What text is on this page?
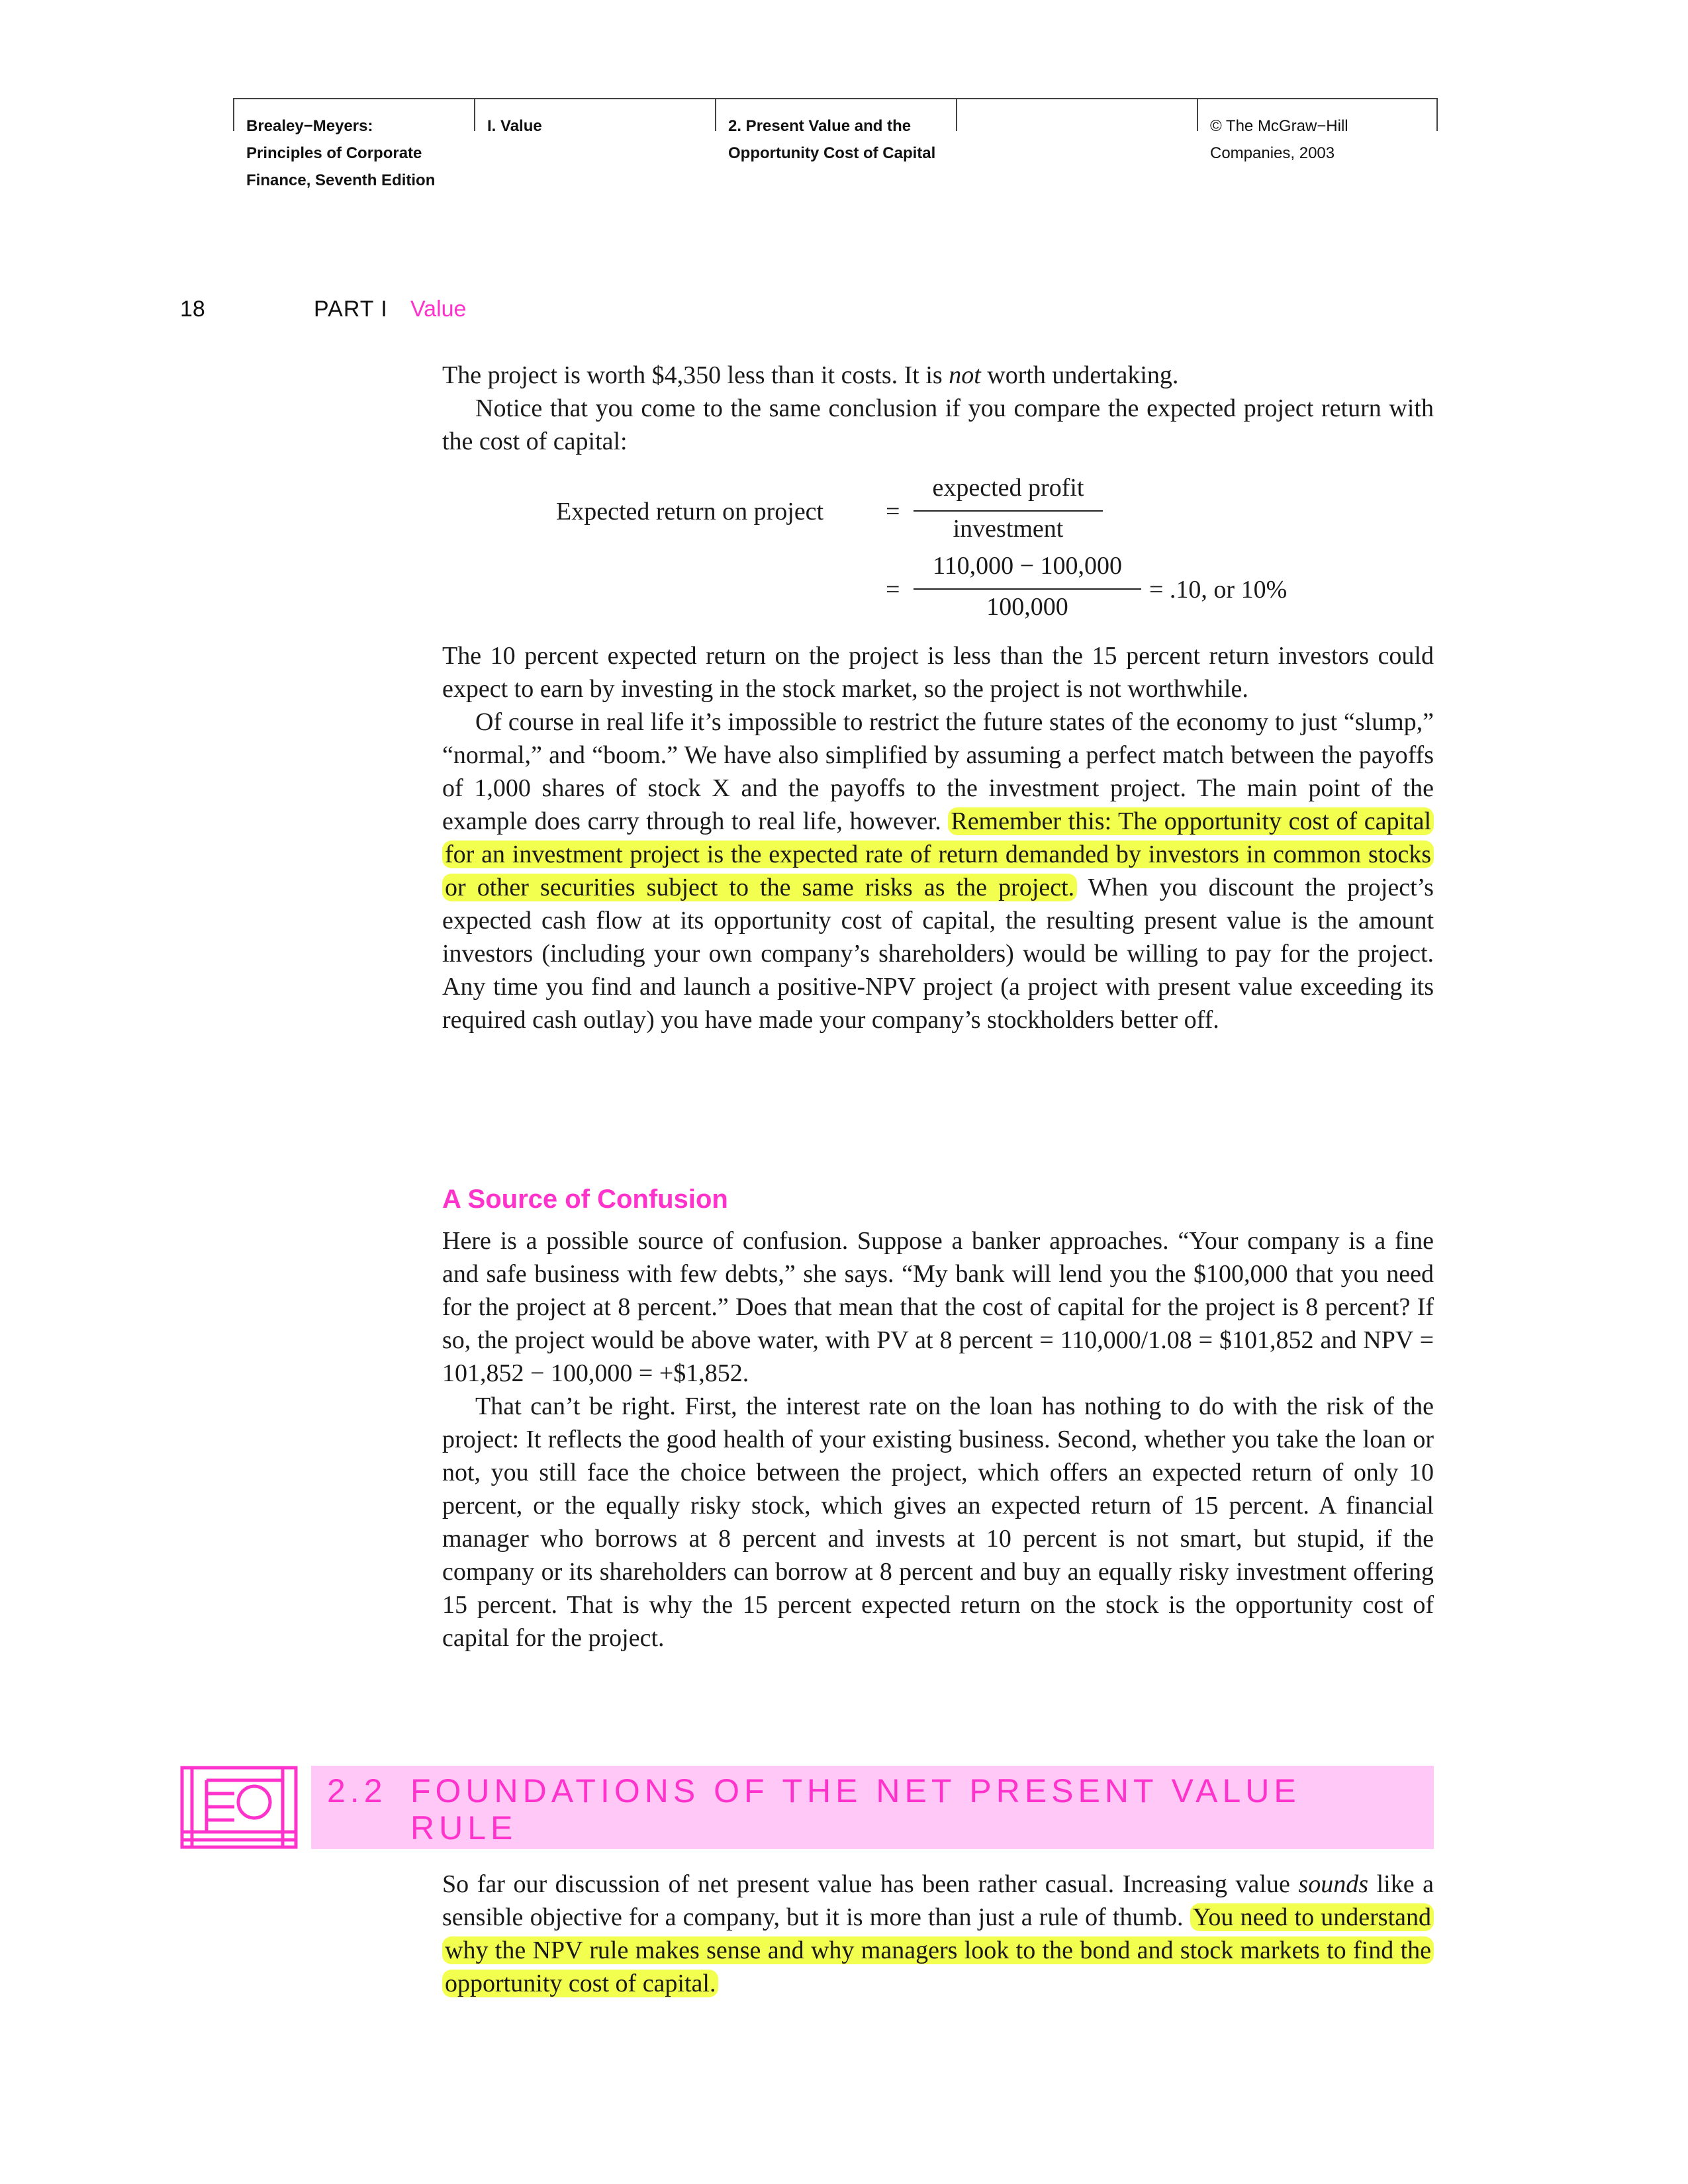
Brealey−Meyers:
Principles of Corporate
Finance, Seventh Edition
I. Value	2. Present Value and the
Opportunity Cost of Capital
© The McGraw−Hill
Companies, 2003
18	PART I Value

The project is worth $4,350 less than it costs. It is not worth undertaking.

Notice that you come to the same conclusion if you compare the expected project return with the cost of capital:

Expected return on project =
expected profit
investment
=
110,000 − 100,000
100,000
= .10, or 10%

The 10 percent expected return on the project is less than the 15 percent return investors could expect to earn by investing in the stock market, so the project is not worthwhile.

Of course in real life it’s impossible to restrict the future states of the economy to just “slump,” “normal,” and “boom.” We have also simplified by assuming a perfect match between the payoffs of 1,000 shares of stock X and the payoffs to the investment project. The main point of the example does carry through to real life, however. Remember this: The opportunity cost of capital for an investment project is the expected rate of return demanded by investors in common stocks or other securities subject to the same risks as the project. When you discount the project’s expected cash flow at its opportunity cost of capital, the resulting present value is the amount investors (including your own company’s shareholders) would be willing to pay for the project. Any time you find and launch a positive-NPV project (a project with present value exceeding its required cash outlay) you have made your company’s stockholders better off.

A Source of Confusion

Here is a possible source of confusion. Suppose a banker approaches. “Your company is a fine and safe business with few debts,” she says. “My bank will lend you the $100,000 that you need for the project at 8 percent.” Does that mean that the cost of capital for the project is 8 percent? If so, the project would be above water, with PV at 8 percent = 110,000/1.08 = $101,852 and NPV = 101,852 − 100,000 = +$1,852.

That can’t be right. First, the interest rate on the loan has nothing to do with the risk of the project: It reflects the good health of your existing business. Second, whether you take the loan or not, you still face the choice between the project, which offers an expected return of only 10 percent, or the equally risky stock, which gives an expected return of 15 percent. A financial manager who borrows at 8 percent and invests at 10 percent is not smart, but stupid, if the company or its shareholders can borrow at 8 percent and buy an equally risky investment offering 15 percent. That is why the 15 percent expected return on the stock is the opportunity cost of capital for the project.

2.2 FOUNDATIONS OF THE NET PRESENT VALUE
RULE

So far our discussion of net present value has been rather casual. Increasing value sounds like a sensible objective for a company, but it is more than just a rule of thumb. You need to understand why the NPV rule makes sense and why managers look to the bond and stock markets to find the opportunity cost of capital.
